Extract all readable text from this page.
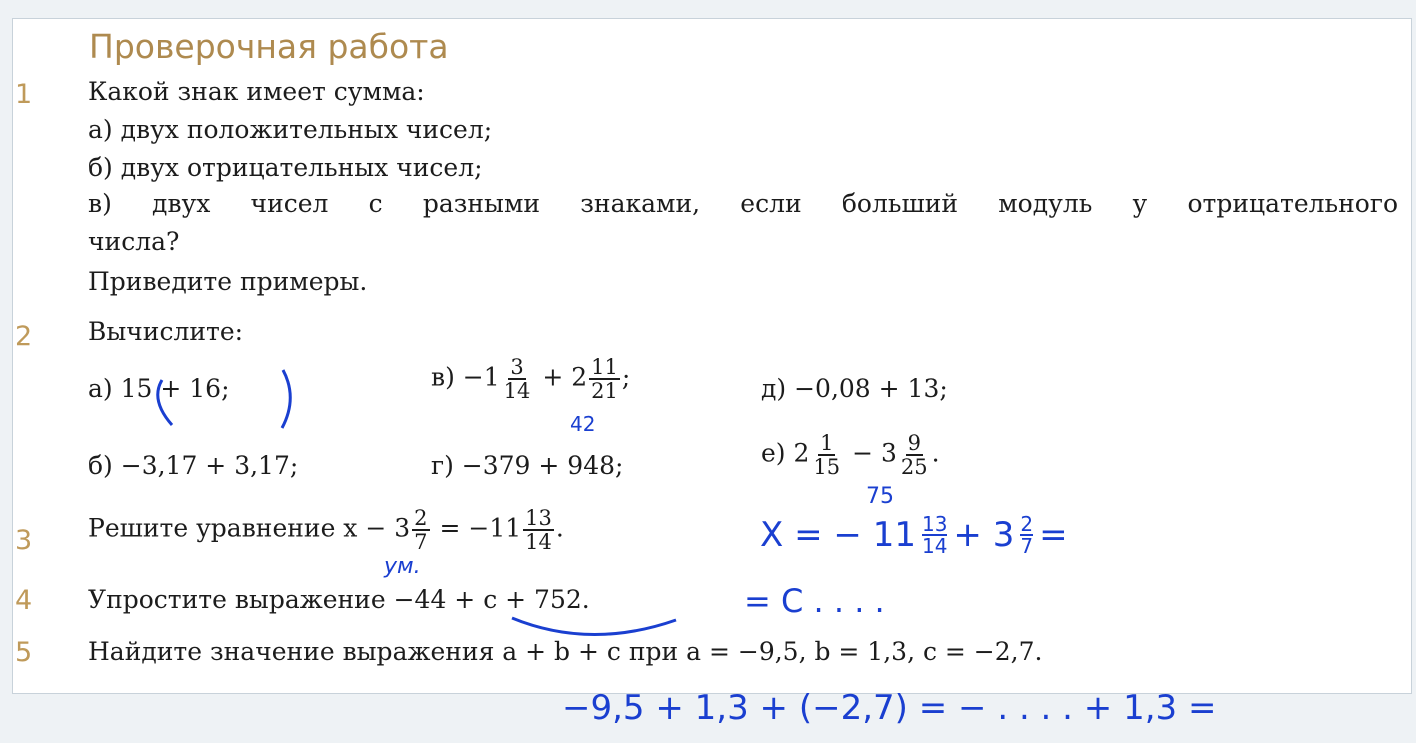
Проверочная работа
1 Какой знак имеет сумма:
а) двух положительных чисел;
б) двух отрицательных чисел;
в) двух чисел с разными знаками, если больший модуль у отрицательного
числа?
Приведите примеры.
2 Вычислите:
а) 15 + 16;	$в) -1 \frac{3}{14} + 2 \frac{11}{21}$ ;	д) −0,08 + 13;
б) −3,17 + 3,17;	г) −379 + 948;	е) $2 \frac{1}{15} - 3 \frac{9}{25}$ .
3 Решите уравнение $x - 3 \frac{2}{7} = -11 \frac{13}{14}$ .
4 Упростите выражение −44 + c + 752.
5 Найдите значение выражения a + b + c при a = −9,5, b = 1,3, c = −2,7.
42
75
X = − 11 13
$14 + 3 \frac{2}{7}$ =
ум.
= C . . . .
−9,5 + 1,3 + (−2,7) = − . . . . + 1,3 =
